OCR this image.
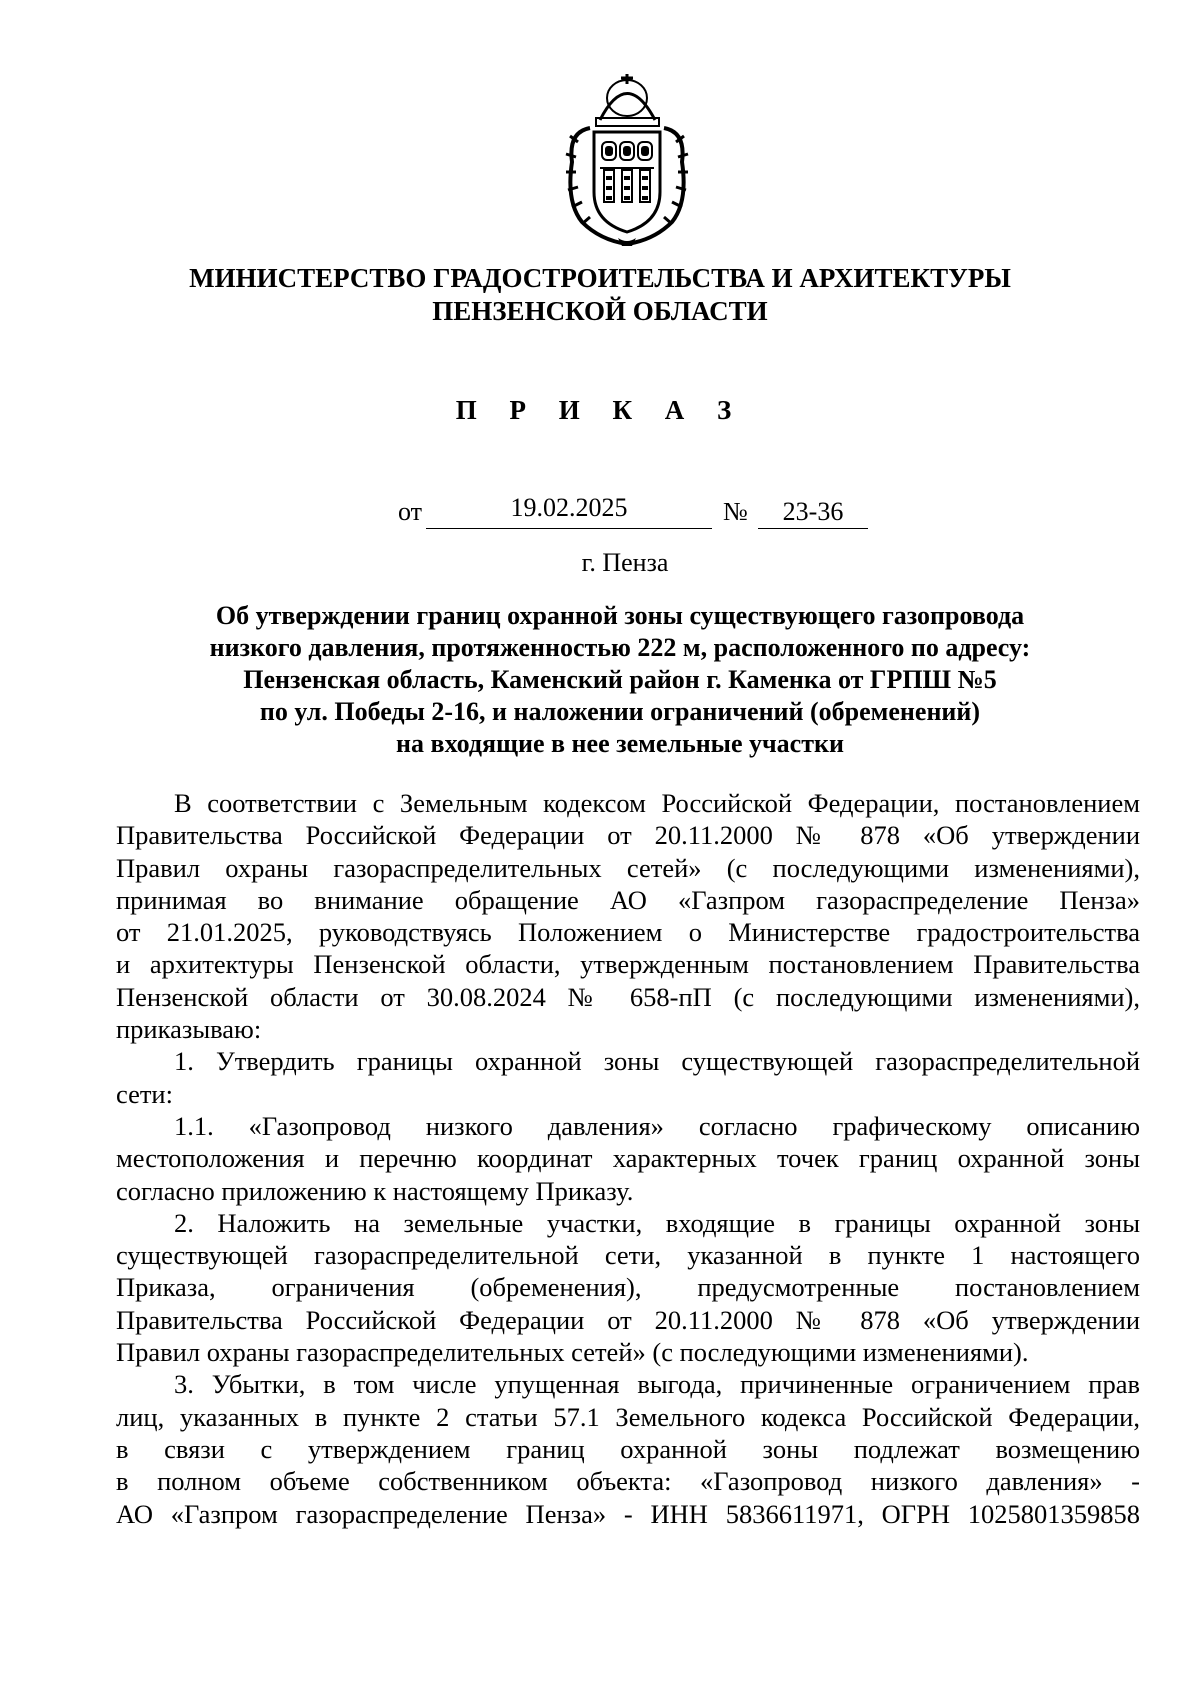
МИНИСТЕРСТВО ГРАДОСТРОИТЕЛЬСТВА И АРХИТЕКТУРЫ
ПЕНЗЕНСКОЙ ОБЛАСТИ
П Р И К А З
от	19.02.2025	№	23-36
г. Пенза
Об утверждении границ охранной зоны существующего газопровода
низкого давления, протяженностью 222 м, расположенного по адресу:
Пензенская область, Каменский район г. Каменка от ГРПШ №5
по ул. Победы 2-16, и наложении ограничений (обременений)
на входящие в нее земельные участки

В соответствии с Земельным кодексом Российской Федерации, постановлением

Правительства Российской Федерации от 20.11.2000 № 878 «Об утверждении

Правил охраны газораспределительных сетей» (с последующими изменениями),

принимая во внимание обращение АО «Газпром газораспределение Пенза»

от 21.01.2025, руководствуясь Положением о Министерстве градостроительства

и архитектуры Пензенской области, утвержденным постановлением Правительства

Пензенской области от 30.08.2024 № 658-пП (с последующими изменениями),

приказываю:

1. Утвердить границы охранной зоны существующей газораспределительной

сети:

1.1. «Газопровод низкого давления» согласно графическому описанию

местоположения и перечню координат характерных точек границ охранной зоны

согласно приложению к настоящему Приказу.

2. Наложить на земельные участки, входящие в границы охранной зоны

существующей газораспределительной сети, указанной в пункте 1 настоящего

Приказа, ограничения (обременения), предусмотренные постановлением

Правительства Российской Федерации от 20.11.2000 № 878 «Об утверждении

Правил охраны газораспределительных сетей» (с последующими изменениями).

3. Убытки, в том числе упущенная выгода, причиненные ограничением прав

лиц, указанных в пункте 2 статьи 57.1 Земельного кодекса Российской Федерации,

в связи с утверждением границ охранной зоны подлежат возмещению

в полном объеме собственником объекта: «Газопровод низкого давления» -

АО «Газпром газораспределение Пенза» - ИНН 5836611971, ОГРН 1025801359858
